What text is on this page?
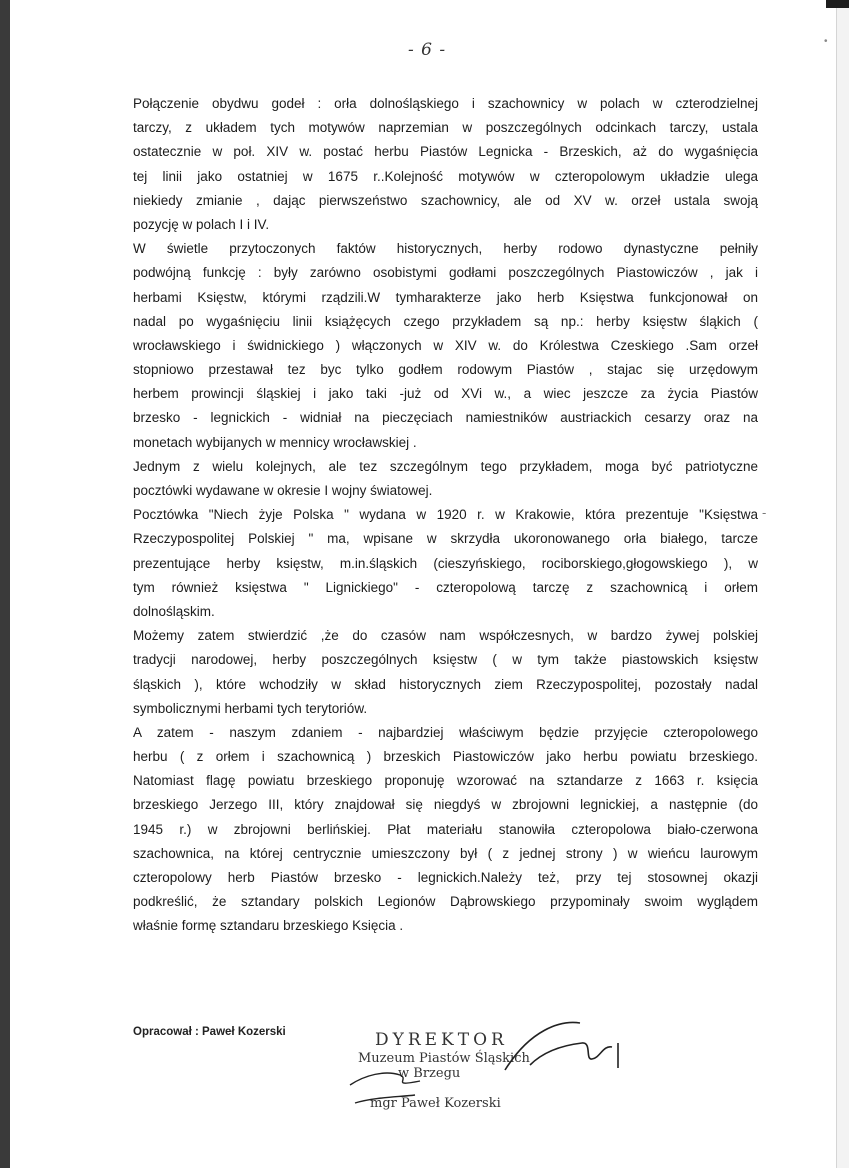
•
- 6 -
Połączenie obydwu godeł : orła dolnośląskiego i szachownicy w polach w czterodzielnej
tarczy, z układem tych motywów naprzemian w poszczególnych odcinkach tarczy, ustala
ostatecznie w poł. XIV w. postać herbu Piastów Legnicka - Brzeskich, aż do wygaśnięcia
tej linii jako ostatniej w 1675 r..Kolejność motywów w czteropolowym układzie ulega
niekiedy zmianie , dając pierwszeństwo szachownicy, ale od XV w. orzeł ustala swoją
pozycję w polach I i IV.
W świetle przytoczonych faktów historycznych, herby rodowo dynastyczne pełniły
podwójną funkcję : były zarówno osobistymi godłami poszczególnych Piastowiczów , jak i
herbami Księstw, którymi rządzili.W tymharakterze jako herb Księstwa funkcjonował on
nadal po wygaśnięciu linii książęcych czego przykładem są np.: herby księstw śląkich (
wrocławskiego i świdnickiego ) włączonych w XIV w. do Królestwa Czeskiego .Sam orzeł
stopniowo przestawał tez byc tylko godłem rodowym Piastów , stajac się urzędowym
herbem prowincji śląskiej i jako taki -już od XVi w., a wiec jeszcze za życia Piastów
brzesko - legnickich - widniał na pieczęciach namiestników austriackich cesarzy oraz na
monetach wybijanych w mennicy wrocławskiej .
Jednym z wielu kolejnych, ale tez szczególnym tego przykładem, moga być patriotyczne
pocztówki wydawane w okresie I wojny światowej.
Pocztówka "Niech żyje Polska " wydana w 1920 r. w Krakowie, która prezentuje "Księstwa
Rzeczypospolitej Polskiej " ma, wpisane w skrzydła ukoronowanego orła białego, tarcze
prezentujące herby księstw, m.in.śląskich (cieszyńskiego, rociborskiego,głogowskiego ), w
tym również księstwa " Lignickiego" - czteropolową tarczę z szachownicą i orłem
dolnośląskim.
Możemy zatem stwierdzić ,że do czasów nam współczesnych, w bardzo żywej polskiej
tradycji narodowej, herby poszczególnych księstw ( w tym także piastowskich księstw
śląskich ), które wchodziły w skład historycznych ziem Rzeczypospolitej, pozostały nadal
symbolicznymi herbami tych terytoriów.
A zatem - naszym zdaniem - najbardziej właściwym będzie przyjęcie czteropolowego
herbu ( z orłem i szachownicą ) brzeskich Piastowiczów jako herbu powiatu brzeskiego.
Natomiast flagę powiatu brzeskiego proponuję wzorować na sztandarze z 1663 r. księcia
brzeskiego Jerzego III, który znajdował się niegdyś w zbrojowni legnickiej, a następnie (do
1945 r.) w zbrojowni berlińskiej. Płat materiału stanowiła czteropolowa biało-czerwona
szachownica, na której centrycznie umieszczony był ( z jednej strony ) w wieńcu laurowym
czteropolowy herb Piastów brzesko - legnickich.Należy też, przy tej stosownej okazji
podkreślić, że sztandary polskich Legionów Dąbrowskiego przypominały swoim wyglądem
właśnie formę sztandaru brzeskiego Księcia .
-
Opracował : Paweł Kozerski	DYREKTOR
Muzeum Piastów Śląskich
w Brzegu
mgr Paweł Kozerski
